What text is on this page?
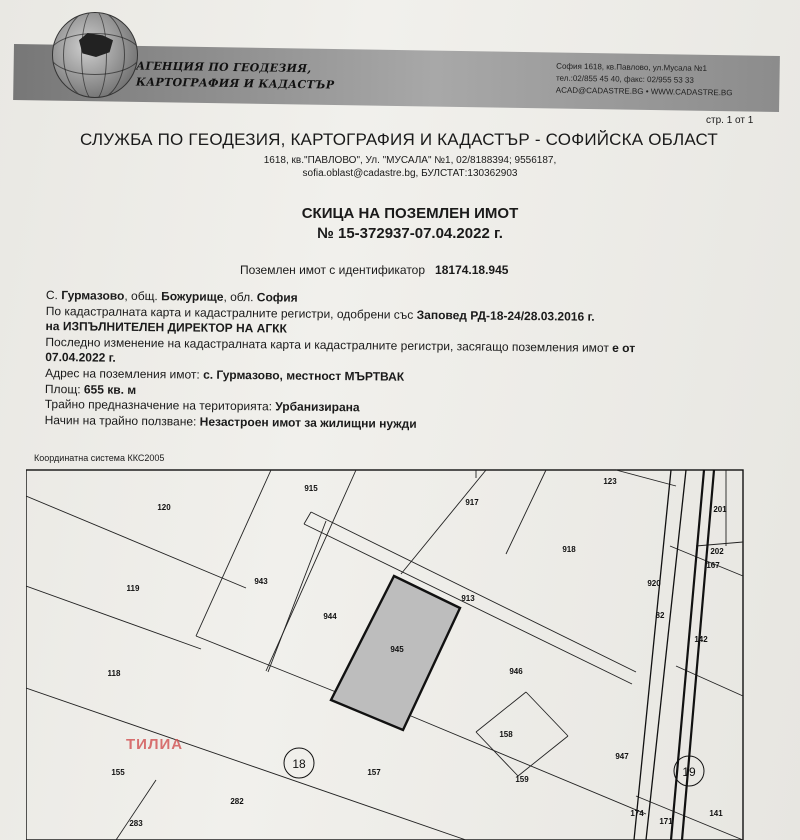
АГЕНЦИЯ ПО ГЕОДЕЗИЯ,
КАРТОГРАФИЯ И КАДАСТЪР
София 1618, кв.Павлово, ул.Мусала №1
тел.:02/855 45 40, факс: 02/955 53 33
ACAD@CADASTRE.BG • WWW.CADASTRE.BG
стр. 1 от 1
СЛУЖБА ПО ГЕОДЕЗИЯ, КАРТОГРАФИЯ И КАДАСТЪР - СОФИЙСКА ОБЛАСТ
1618, кв."ПАВЛОВО", Ул. "МУСАЛА" №1, 02/8188394; 9556187,
sofia.oblast@cadastre.bg, БУЛСТАТ:130362903
СКИЦА НА ПОЗЕМЛЕН ИМОТ
№ 15-372937-07.04.2022 г.
Поземлен имот с идентификатор 18174.18.945
С. Гурмазово, общ. Божурище, обл. София
По кадастралната карта и кадастралните регистри, одобрени със Заповед РД-18-24/28.03.2016 г.
на ИЗПЪЛНИТЕЛЕН ДИРЕКТОР НА АГКК
Последно изменение на кадастралната карта и кадастралните регистри, засягащо поземления имот е от
07.04.2022 г.
Адрес на поземления имот: с. Гурмазово, местност МЪРТВАК
Площ: 655 кв. м
Трайно предназначение на територията: Урбанизирана
Начин на трайно ползване: Незастроен имот за жилищни нужди
Координатна система ККС2005
915
917
123
201
120
918	202
167
943
913
920
119
944	82
142
945
946
118
158
947
155	157
159
282
174
171
141
283
18
19
ТИЛИА
